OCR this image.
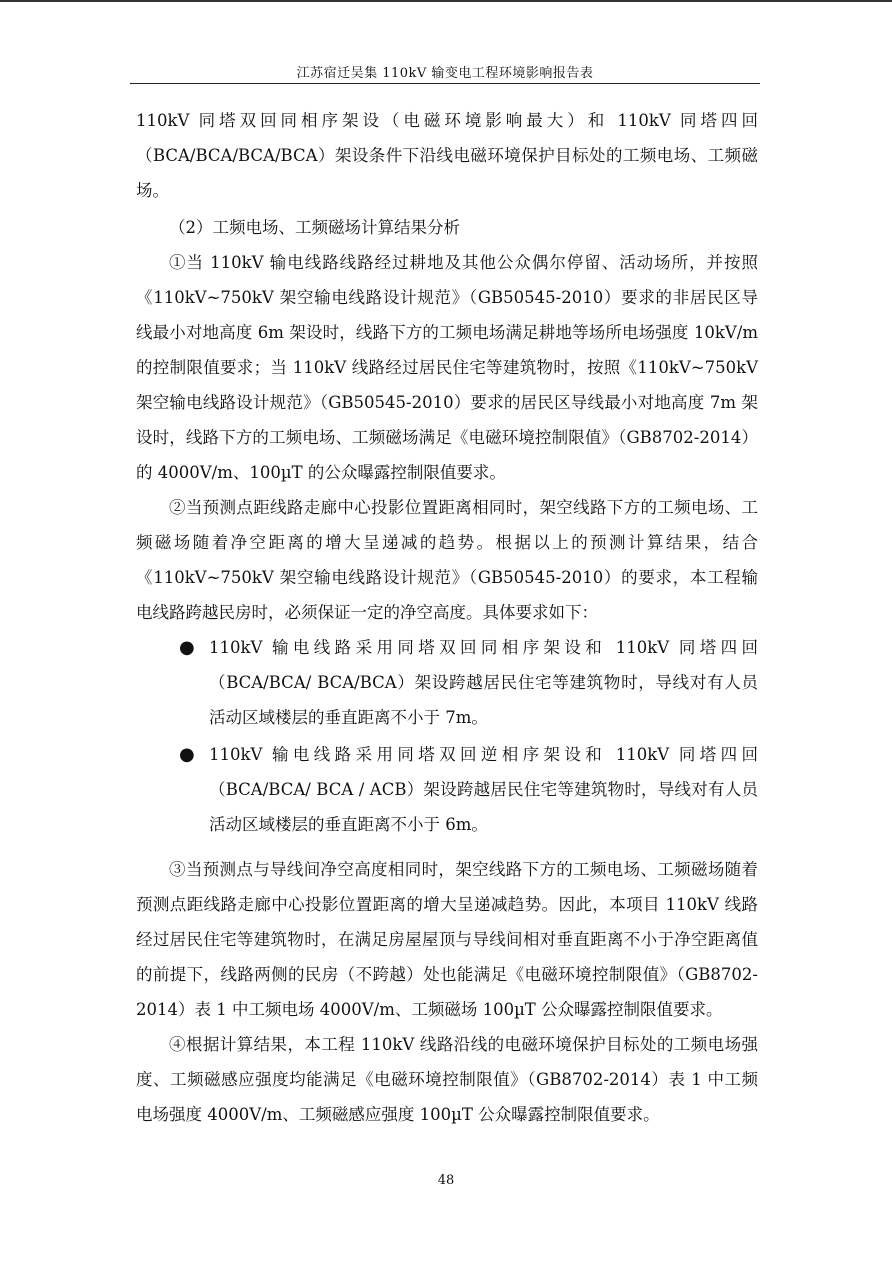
江苏宿迁吴集 110kV 输变电工程环境影响报告表

110kV 同塔双回同相序架设（电磁环境影响最大）和 110kV 同塔四回（BCA/BCA/BCA/BCA）架设条件下沿线电磁环境保护目标处的工频电场、工频磁场。

（2）工频电场、工频磁场计算结果分析

①当 110kV 输电线路线路经过耕地及其他公众偶尔停留、活动场所，并按照《110kV~750kV 架空输电线路设计规范》（GB50545-2010）要求的非居民区导线最小对地高度 6m 架设时，线路下方的工频电场满足耕地等场所电场强度 10kV/m 的控制限值要求；当 110kV 线路经过居民住宅等建筑物时，按照《110kV~750kV 架空输电线路设计规范》（GB50545-2010）要求的居民区导线最小对地高度 7m 架设时，线路下方的工频电场、工频磁场满足《电磁环境控制限值》（GB8702-2014）的 4000V/m、100µT 的公众曝露控制限值要求。

②当预测点距线路走廊中心投影位置距离相同时，架空线路下方的工频电场、工频磁场随着净空距离的增大呈递减的趋势。根据以上的预测计算结果，结合《110kV~750kV 架空输电线路设计规范》（GB50545-2010）的要求，本工程输电线路跨越民房时，必须保证一定的净空高度。具体要求如下：

● 110kV 输电线路采用同塔双回同相序架设和 110kV 同塔四回（BCA/BCA/ BCA/BCA）架设跨越居民住宅等建筑物时，导线对有人员活动区域楼层的垂直距离不小于 7m。
● 110kV 输电线路采用同塔双回逆相序架设和 110kV 同塔四回（BCA/BCA/ BCA / ACB）架设跨越居民住宅等建筑物时，导线对有人员活动区域楼层的垂直距离不小于 6m。

③当预测点与导线间净空高度相同时，架空线路下方的工频电场、工频磁场随着预测点距线路走廊中心投影位置距离的增大呈递减趋势。因此，本项目 110kV 线路经过居民住宅等建筑物时，在满足房屋屋顶与导线间相对垂直距离不小于净空距离值的前提下，线路两侧的民房（不跨越）处也能满足《电磁环境控制限值》（GB8702-2014）表 1 中工频电场 4000V/m、工频磁场 100µT 公众曝露控制限值要求。

④根据计算结果，本工程 110kV 线路沿线的电磁环境保护目标处的工频电场强度、工频磁感应强度均能满足《电磁环境控制限值》（GB8702-2014）表 1 中工频电场强度 4000V/m、工频磁感应强度 100µT 公众曝露控制限值要求。

48
